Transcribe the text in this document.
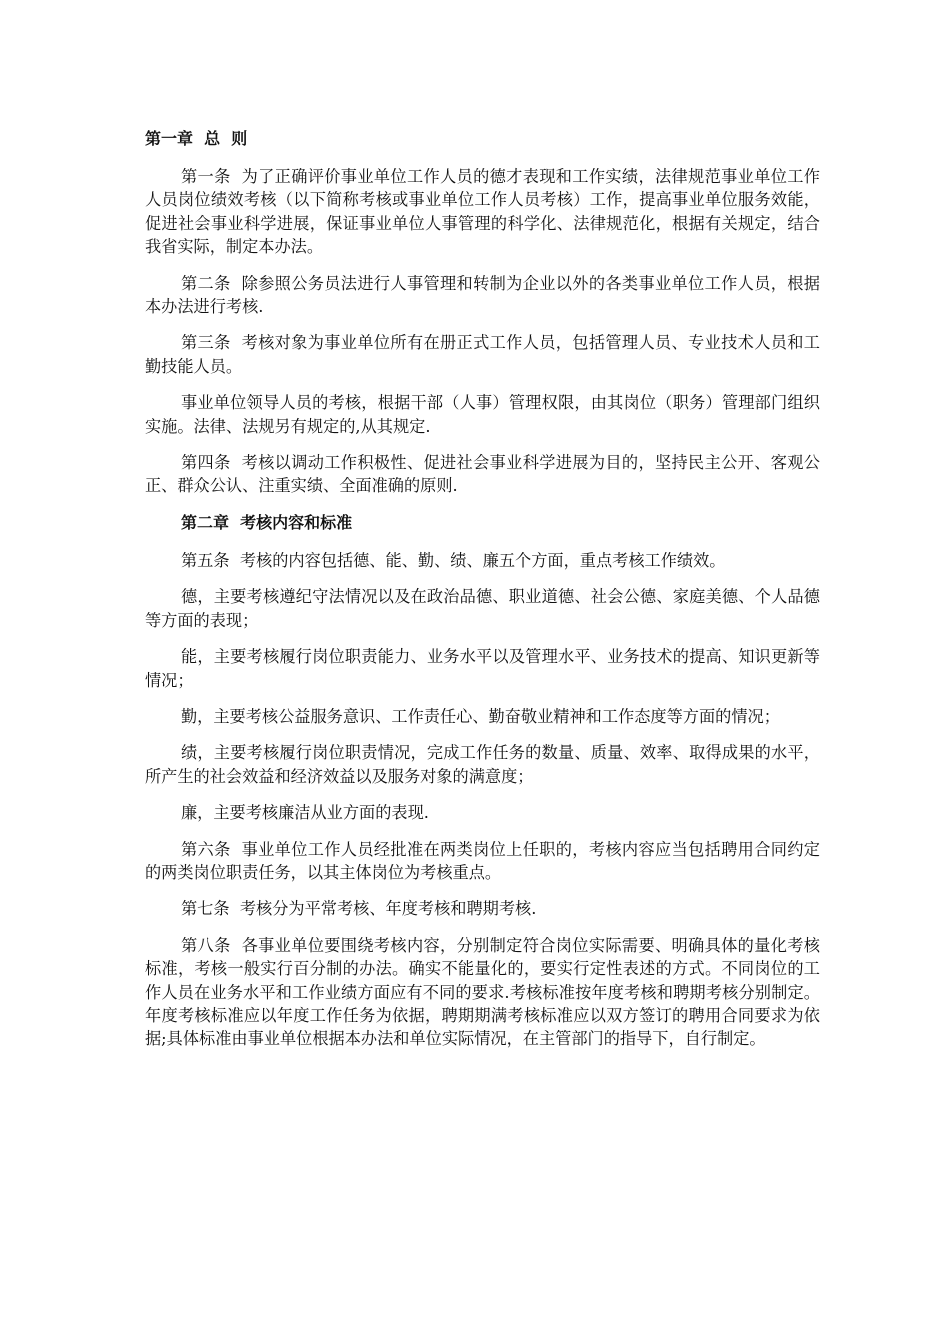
第一章  总  则

第一条  为了正确评价事业单位工作人员的德才表现和工作实绩，法律规范事业单位工作人员岗位绩效考核（以下简称考核或事业单位工作人员考核）工作，提高事业单位服务效能，促进社会事业科学进展，保证事业单位人事管理的科学化、法律规范化，根据有关规定，结合我省实际，制定本办法。

第二条  除参照公务员法进行人事管理和转制为企业以外的各类事业单位工作人员，根据本办法进行考核.

第三条  考核对象为事业单位所有在册正式工作人员，包括管理人员、专业技术人员和工勤技能人员。

事业单位领导人员的考核，根据干部（人事）管理权限，由其岗位（职务）管理部门组织实施。法律、法规另有规定的,从其规定.

第四条  考核以调动工作积极性、促进社会事业科学进展为目的，坚持民主公开、客观公正、群众公认、注重实绩、全面准确的原则.

第二章  考核内容和标准

第五条  考核的内容包括德、能、勤、绩、廉五个方面，重点考核工作绩效。

德，主要考核遵纪守法情况以及在政治品德、职业道德、社会公德、家庭美德、个人品德等方面的表现；

能，主要考核履行岗位职责能力、业务水平以及管理水平、业务技术的提高、知识更新等情况；

勤，主要考核公益服务意识、工作责任心、勤奋敬业精神和工作态度等方面的情况；

绩，主要考核履行岗位职责情况，完成工作任务的数量、质量、效率、取得成果的水平，所产生的社会效益和经济效益以及服务对象的满意度；

廉，主要考核廉洁从业方面的表现.

第六条  事业单位工作人员经批准在两类岗位上任职的，考核内容应当包括聘用合同约定的两类岗位职责任务，以其主体岗位为考核重点。

第七条  考核分为平常考核、年度考核和聘期考核.

第八条  各事业单位要围绕考核内容，分别制定符合岗位实际需要、明确具体的量化考核标准，考核一般实行百分制的办法。确实不能量化的，要实行定性表述的方式。不同岗位的工作人员在业务水平和工作业绩方面应有不同的要求.考核标准按年度考核和聘期考核分别制定。年度考核标准应以年度工作任务为依据，聘期期满考核标准应以双方签订的聘用合同要求为依据;具体标准由事业单位根据本办法和单位实际情况，在主管部门的指导下，自行制定。
